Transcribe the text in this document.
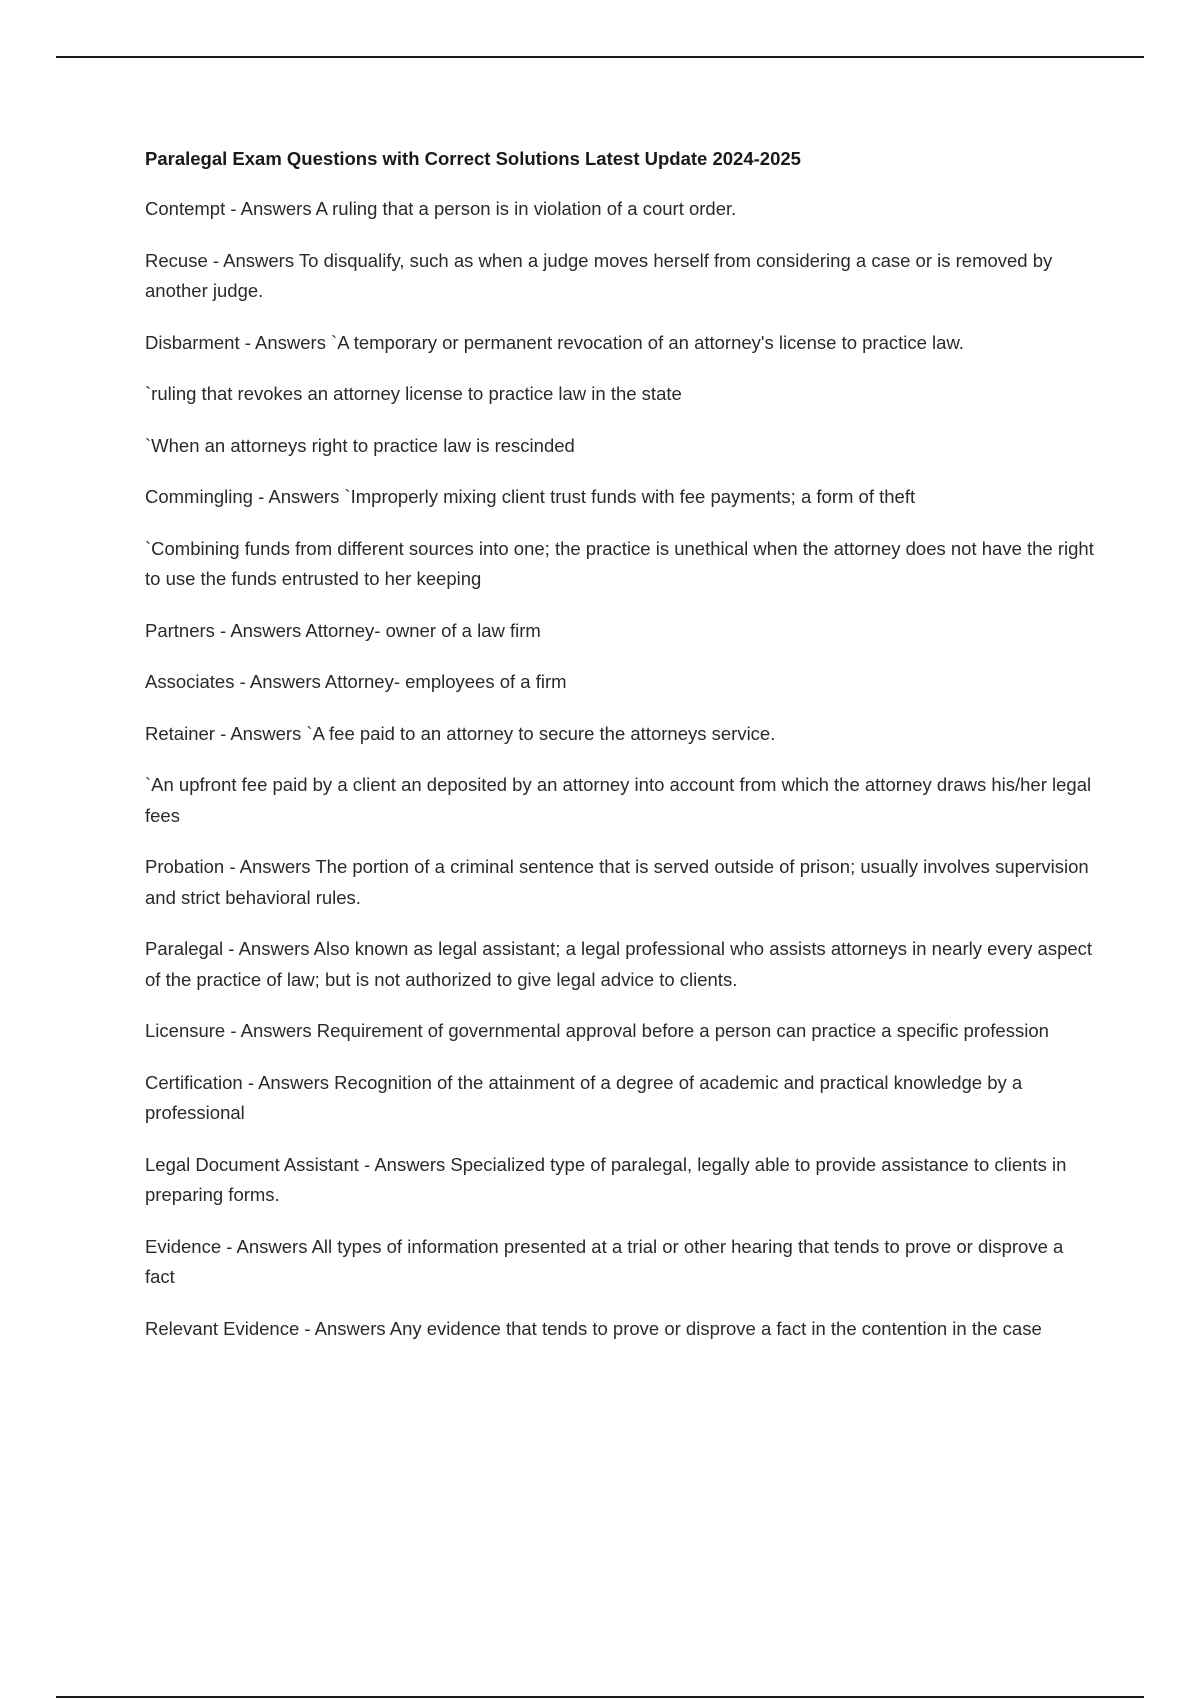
Paralegal Exam Questions with Correct Solutions Latest Update 2024-2025

Contempt - Answers A ruling that a person is in violation of a court order.

Recuse - Answers To disqualify, such as when a judge moves herself from considering a case or is removed by another judge.

Disbarment - Answers `A temporary or permanent revocation of an attorney's license to practice law.

`ruling that revokes an attorney license to practice law in the state

`When an attorneys right to practice law is rescinded

Commingling - Answers `Improperly mixing client trust funds with fee payments; a form of theft

`Combining funds from different sources into one; the practice is unethical when the attorney does not have the right to use the funds entrusted to her keeping

Partners - Answers Attorney- owner of a law firm

Associates - Answers Attorney- employees of a firm

Retainer - Answers `A fee paid to an attorney to secure the attorneys service.

`An upfront fee paid by a client an deposited by an attorney into account from which the attorney draws his/her legal fees

Probation - Answers The portion of a criminal sentence that is served outside of prison; usually involves supervision and strict behavioral rules.

Paralegal - Answers Also known as legal assistant; a legal professional who assists attorneys in nearly every aspect of the practice of law; but is not authorized to give legal advice to clients.

Licensure - Answers Requirement of governmental approval before a person can practice a specific profession

Certification - Answers Recognition of the attainment of a degree of academic and practical knowledge by a professional

Legal Document Assistant - Answers Specialized type of paralegal, legally able to provide assistance to clients in preparing forms.

Evidence - Answers All types of information presented at a trial or other hearing that tends to prove or disprove a fact

Relevant Evidence - Answers Any evidence that tends to prove or disprove a fact in the contention in the case
